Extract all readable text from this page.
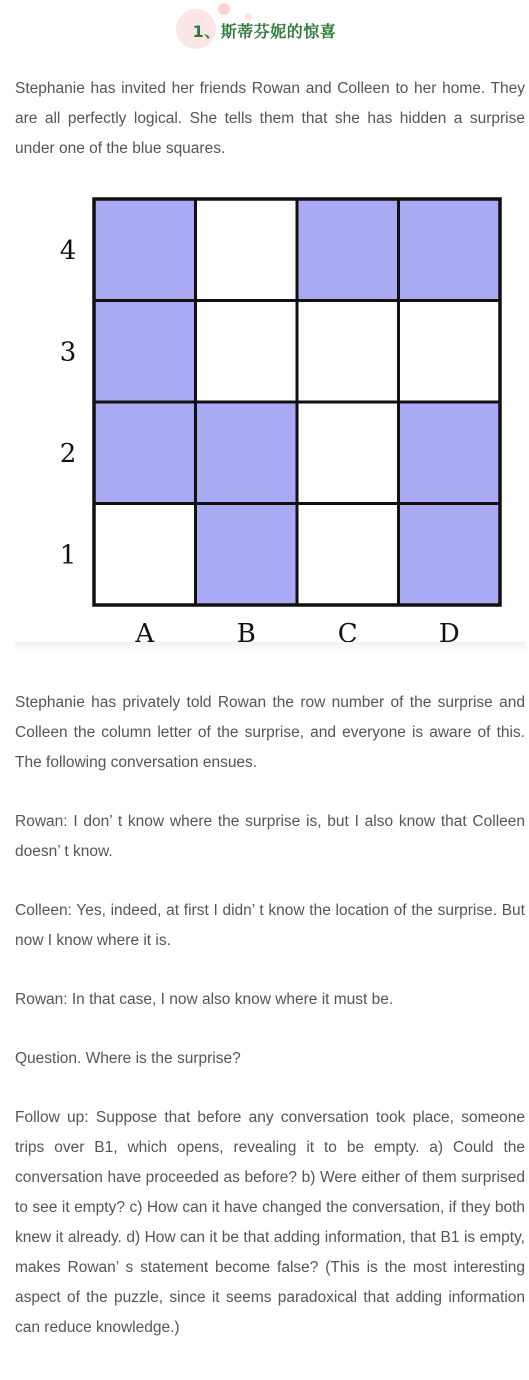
1、斯蒂芬妮的惊喜

Stephanie has invited her friends Rowan and Colleen to her home. They are all perfectly logical. She tells them that she has hidden a surprise under one of the blue squares.

4
3
2
1
A	B	C	D

Stephanie has privately told Rowan the row number of the surprise and Colleen the column letter of the surprise, and everyone is aware of this. The following conversation ensues.

Rowan: I don’ t know where the surprise is, but I also know that Colleen doesn’ t know.

Colleen: Yes, indeed, at first I didn’ t know the location of the surprise. But now I know where it is.

Rowan: In that case, I now also know where it must be.

Question. Where is the surprise?

Follow up: Suppose that before any conversation took place, someone trips over B1, which opens, revealing it to be empty. a) Could the conversation have proceeded as before? b) Were either of them surprised to see it empty? c) How can it have changed the conversation, if they both knew it already. d) How can it be that adding information, that B1 is empty, makes Rowan’ s statement become false? (This is the most interesting aspect of the puzzle, since it seems paradoxical that adding information can reduce knowledge.)
